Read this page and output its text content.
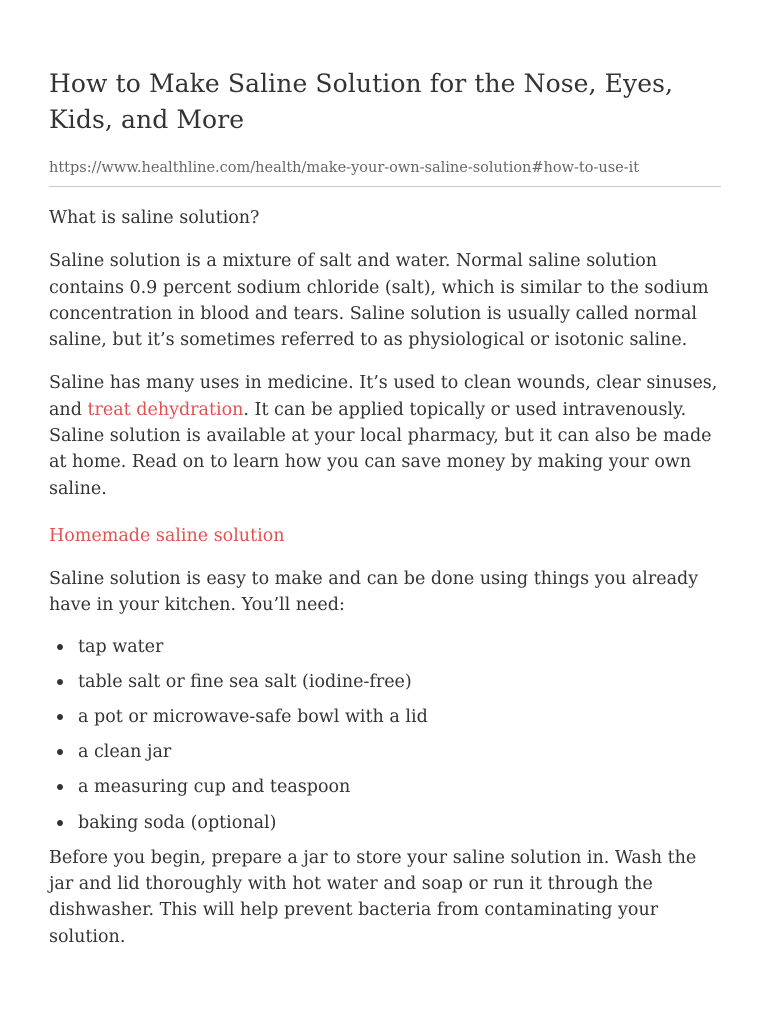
How to Make Saline Solution for the Nose, Eyes, Kids, and More
https://www.healthline.com/health/make-your-own-saline-solution#how-to-use-it

What is saline solution?

Saline solution is a mixture of salt and water. Normal saline solution contains 0.9 percent sodium chloride (salt), which is similar to the sodium concentration in blood and tears. Saline solution is usually called normal saline, but it’s sometimes referred to as physiological or isotonic saline.

Saline has many uses in medicine. It’s used to clean wounds, clear sinuses, and treat dehydration. It can be applied topically or used intravenously. Saline solution is available at your local pharmacy, but it can also be made at home. Read on to learn how you can save money by making your own saline.

Homemade saline solution

Saline solution is easy to make and can be done using things you already have in your kitchen. You’ll need:

tap water
table salt or fine sea salt (iodine-free)
a pot or microwave-safe bowl with a lid
a clean jar
a measuring cup and teaspoon
baking soda (optional)

Before you begin, prepare a jar to store your saline solution in. Wash the jar and lid thoroughly with hot water and soap or run it through the dishwasher. This will help prevent bacteria from contaminating your solution.
